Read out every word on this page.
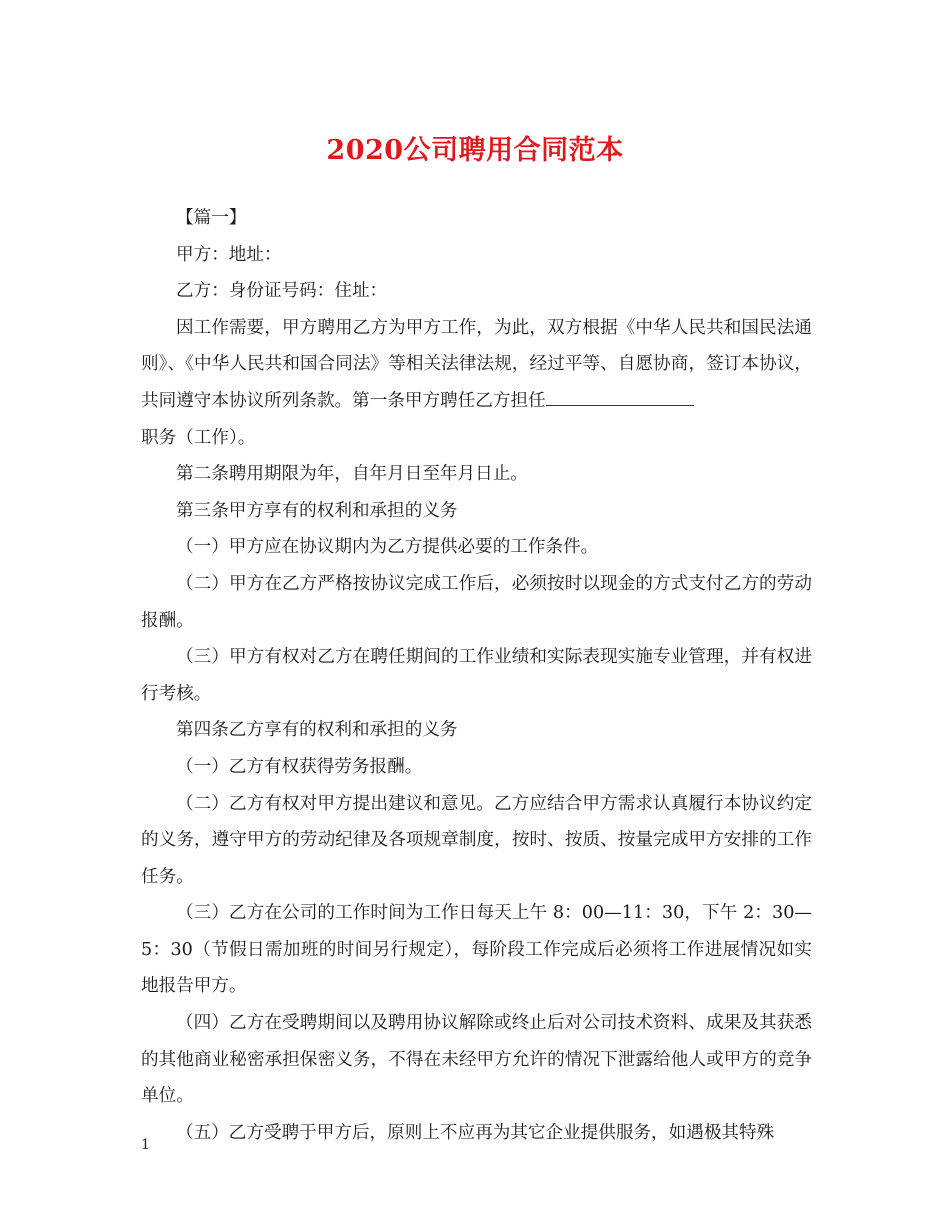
2020公司聘用合同范本

【篇一】

甲方：地址：

乙方：身份证号码：住址：

因工作需要，甲方聘用乙方为甲方工作，为此，双方根据《中华人民共和国民法通则》、《中华人民共和国合同法》等相关法律法规，经过平等、自愿协商，签订本协议，共同遵守本协议所列条款。第一条甲方聘任乙方担任

职务（工作）。

第二条聘用期限为年，自年月日至年月日止。

第三条甲方享有的权利和承担的义务

（一）甲方应在协议期内为乙方提供必要的工作条件。

（二）甲方在乙方严格按协议完成工作后，必须按时以现金的方式支付乙方的劳动报酬。

（三）甲方有权对乙方在聘任期间的工作业绩和实际表现实施专业管理，并有权进行考核。

第四条乙方享有的权利和承担的义务

（一）乙方有权获得劳务报酬。

（二）乙方有权对甲方提出建议和意见。乙方应结合甲方需求认真履行本协议约定的义务，遵守甲方的劳动纪律及各项规章制度，按时、按质、按量完成甲方安排的工作任务。

（三）乙方在公司的工作时间为工作日每天上午 8：00—11：30，下午 2：30—5：30（节假日需加班的时间另行规定），每阶段工作完成后必须将工作进展情况如实地报告甲方。

（四）乙方在受聘期间以及聘用协议解除或终止后对公司技术资料、成果及其获悉的其他商业秘密承担保密义务，不得在未经甲方允许的情况下泄露给他人或甲方的竞争单位。

（五）乙方受聘于甲方后，原则上不应再为其它企业提供服务，如遇极其特殊

1
